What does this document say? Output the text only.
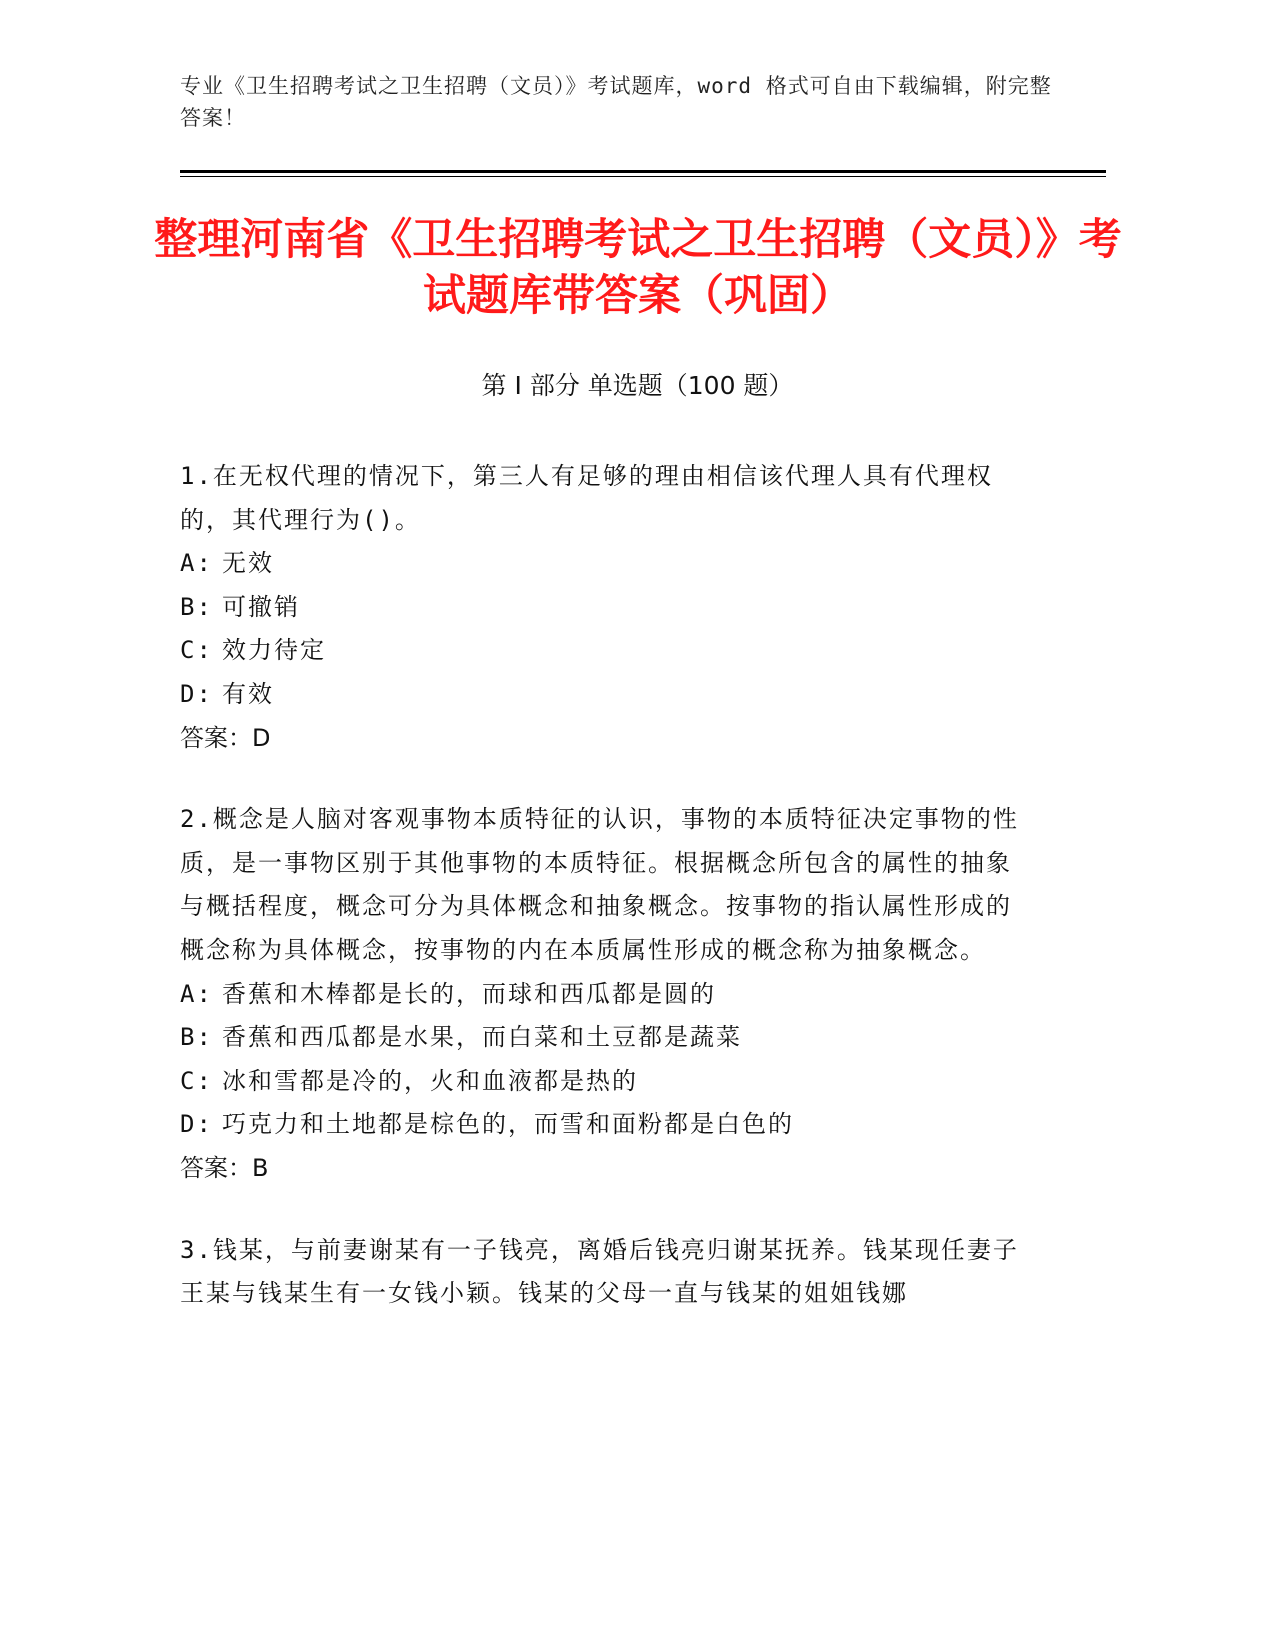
专业《卫生招聘考试之卫生招聘（文员）》考试题库，word 格式可自由下载编辑，附完整答案！
整理河南省《卫生招聘考试之卫生招聘（文员）》考试题库带答案（巩固）
第 I 部分 单选题（100 题）
1.在无权代理的情况下，第三人有足够的理由相信该代理人具有代理权的，其代理行为()。
A: 无效
B: 可撤销
C: 效力待定
D: 有效
答案：D
2.概念是人脑对客观事物本质特征的认识，事物的本质特征决定事物的性质，是一事物区别于其他事物的本质特征。根据概念所包含的属性的抽象与概括程度，概念可分为具体概念和抽象概念。按事物的指认属性形成的概念称为具体概念，按事物的内在本质属性形成的概念称为抽象概念。
A: 香蕉和木棒都是长的，而球和西瓜都是圆的
B: 香蕉和西瓜都是水果，而白菜和土豆都是蔬菜
C: 冰和雪都是冷的，火和血液都是热的
D: 巧克力和土地都是棕色的，而雪和面粉都是白色的
答案：B
3.钱某，与前妻谢某有一子钱亮，离婚后钱亮归谢某抚养。钱某现任妻子王某与钱某生有一女钱小颖。钱某的父母一直与钱某的姐姐钱娜
